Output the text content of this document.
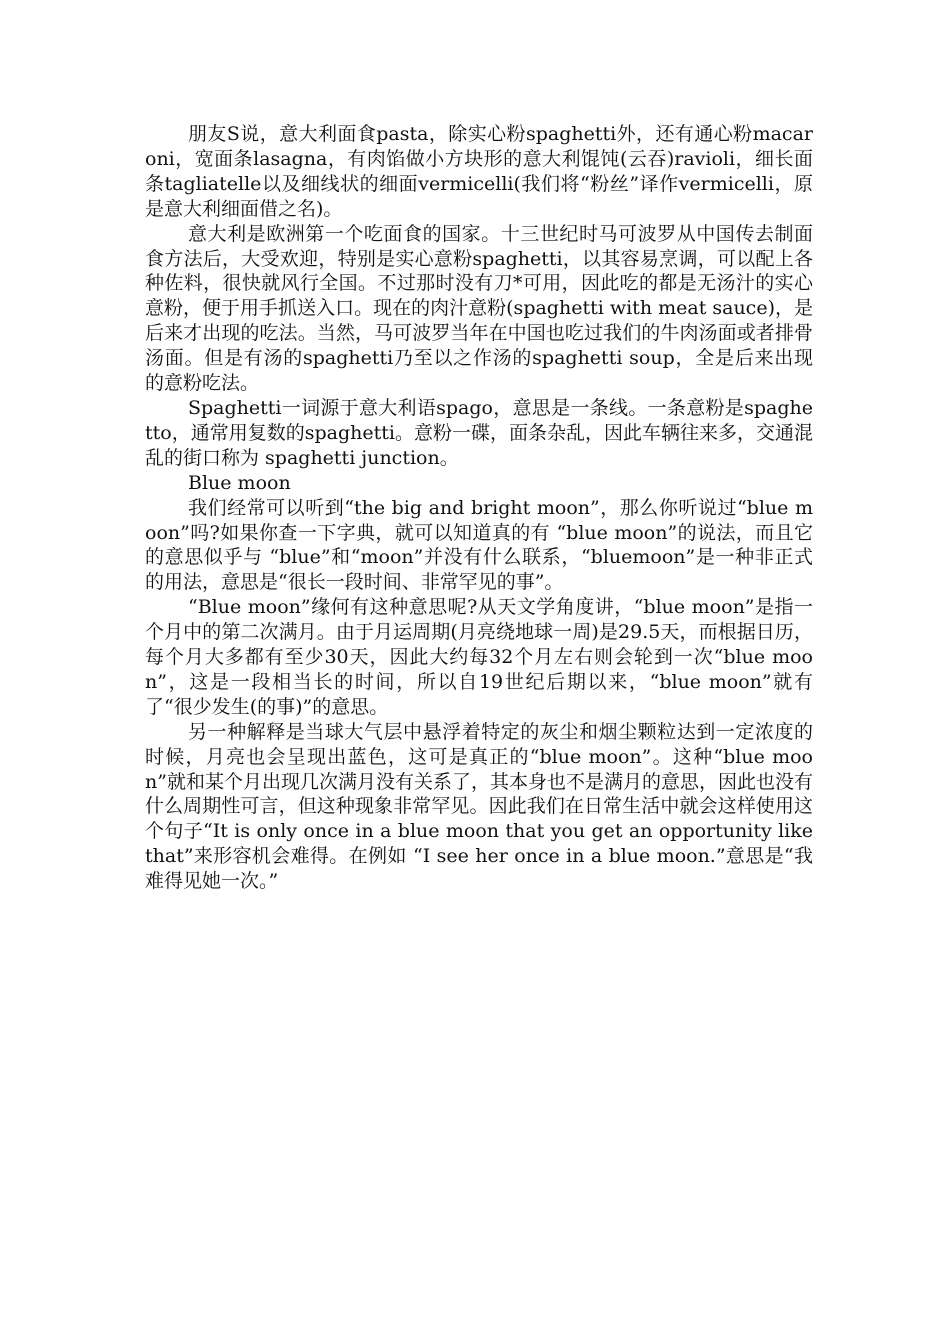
朋友S说，意大利面食pasta，除实心粉spaghetti外，还有通心粉macaroni，宽面条lasagna，有肉馅做小方块形的意大利馄饨(云吞)ravioli，细长面条tagliatelle以及细线状的细面vermicelli(我们将“粉丝”译作vermicelli，原是意大利细面借之名)。

意大利是欧洲第一个吃面食的国家。十三世纪时马可波罗从中国传去制面食方法后，大受欢迎，特别是实心意粉spaghetti，以其容易烹调，可以配上各种佐料，很快就风行全国。不过那时没有刀*可用，因此吃的都是无汤汁的实心意粉，便于用手抓送入口。现在的肉汁意粉(spaghetti with meat sauce)，是后来才出现的吃法。当然，马可波罗当年在中国也吃过我们的牛肉汤面或者排骨汤面。但是有汤的spaghetti乃至以之作汤的spaghetti soup，全是后来出现的意粉吃法。

Spaghetti一词源于意大利语spago，意思是一条线。一条意粉是spaghetto，通常用复数的spaghetti。意粉一碟，面条杂乱，因此车辆往来多，交通混乱的街口称为 spaghetti junction。

Blue moon

我们经常可以听到“the big and bright moon”，那么你听说过“blue moon”吗?如果你查一下字典，就可以知道真的有 “blue moon”的说法，而且它的意思似乎与 “blue”和“moon”并没有什么联系，“bluemoon”是一种非正式的用法，意思是“很长一段时间、非常罕见的事”。

“Blue moon”缘何有这种意思呢?从天文学角度讲，“blue moon”是指一个月中的第二次满月。由于月运周期(月亮绕地球一周)是29.5天，而根据日历，每个月大多都有至少30天，因此大约每32个月左右则会轮到一次“blue moon”，这是一段相当长的时间，所以自19世纪后期以来，“blue moon”就有了“很少发生(的事)”的意思。

另一种解释是当球大气层中悬浮着特定的灰尘和烟尘颗粒达到一定浓度的时候，月亮也会呈现出蓝色，这可是真正的“blue moon”。这种“blue moon”就和某个月出现几次满月没有关系了，其本身也不是满月的意思，因此也没有什么周期性可言，但这种现象非常罕见。因此我们在日常生活中就会这样使用这个句子“It is only once in a blue moon that you get an opportunity like that”来形容机会难得。在例如 “I see her once in a blue moon.”意思是“我难得见她一次。”
